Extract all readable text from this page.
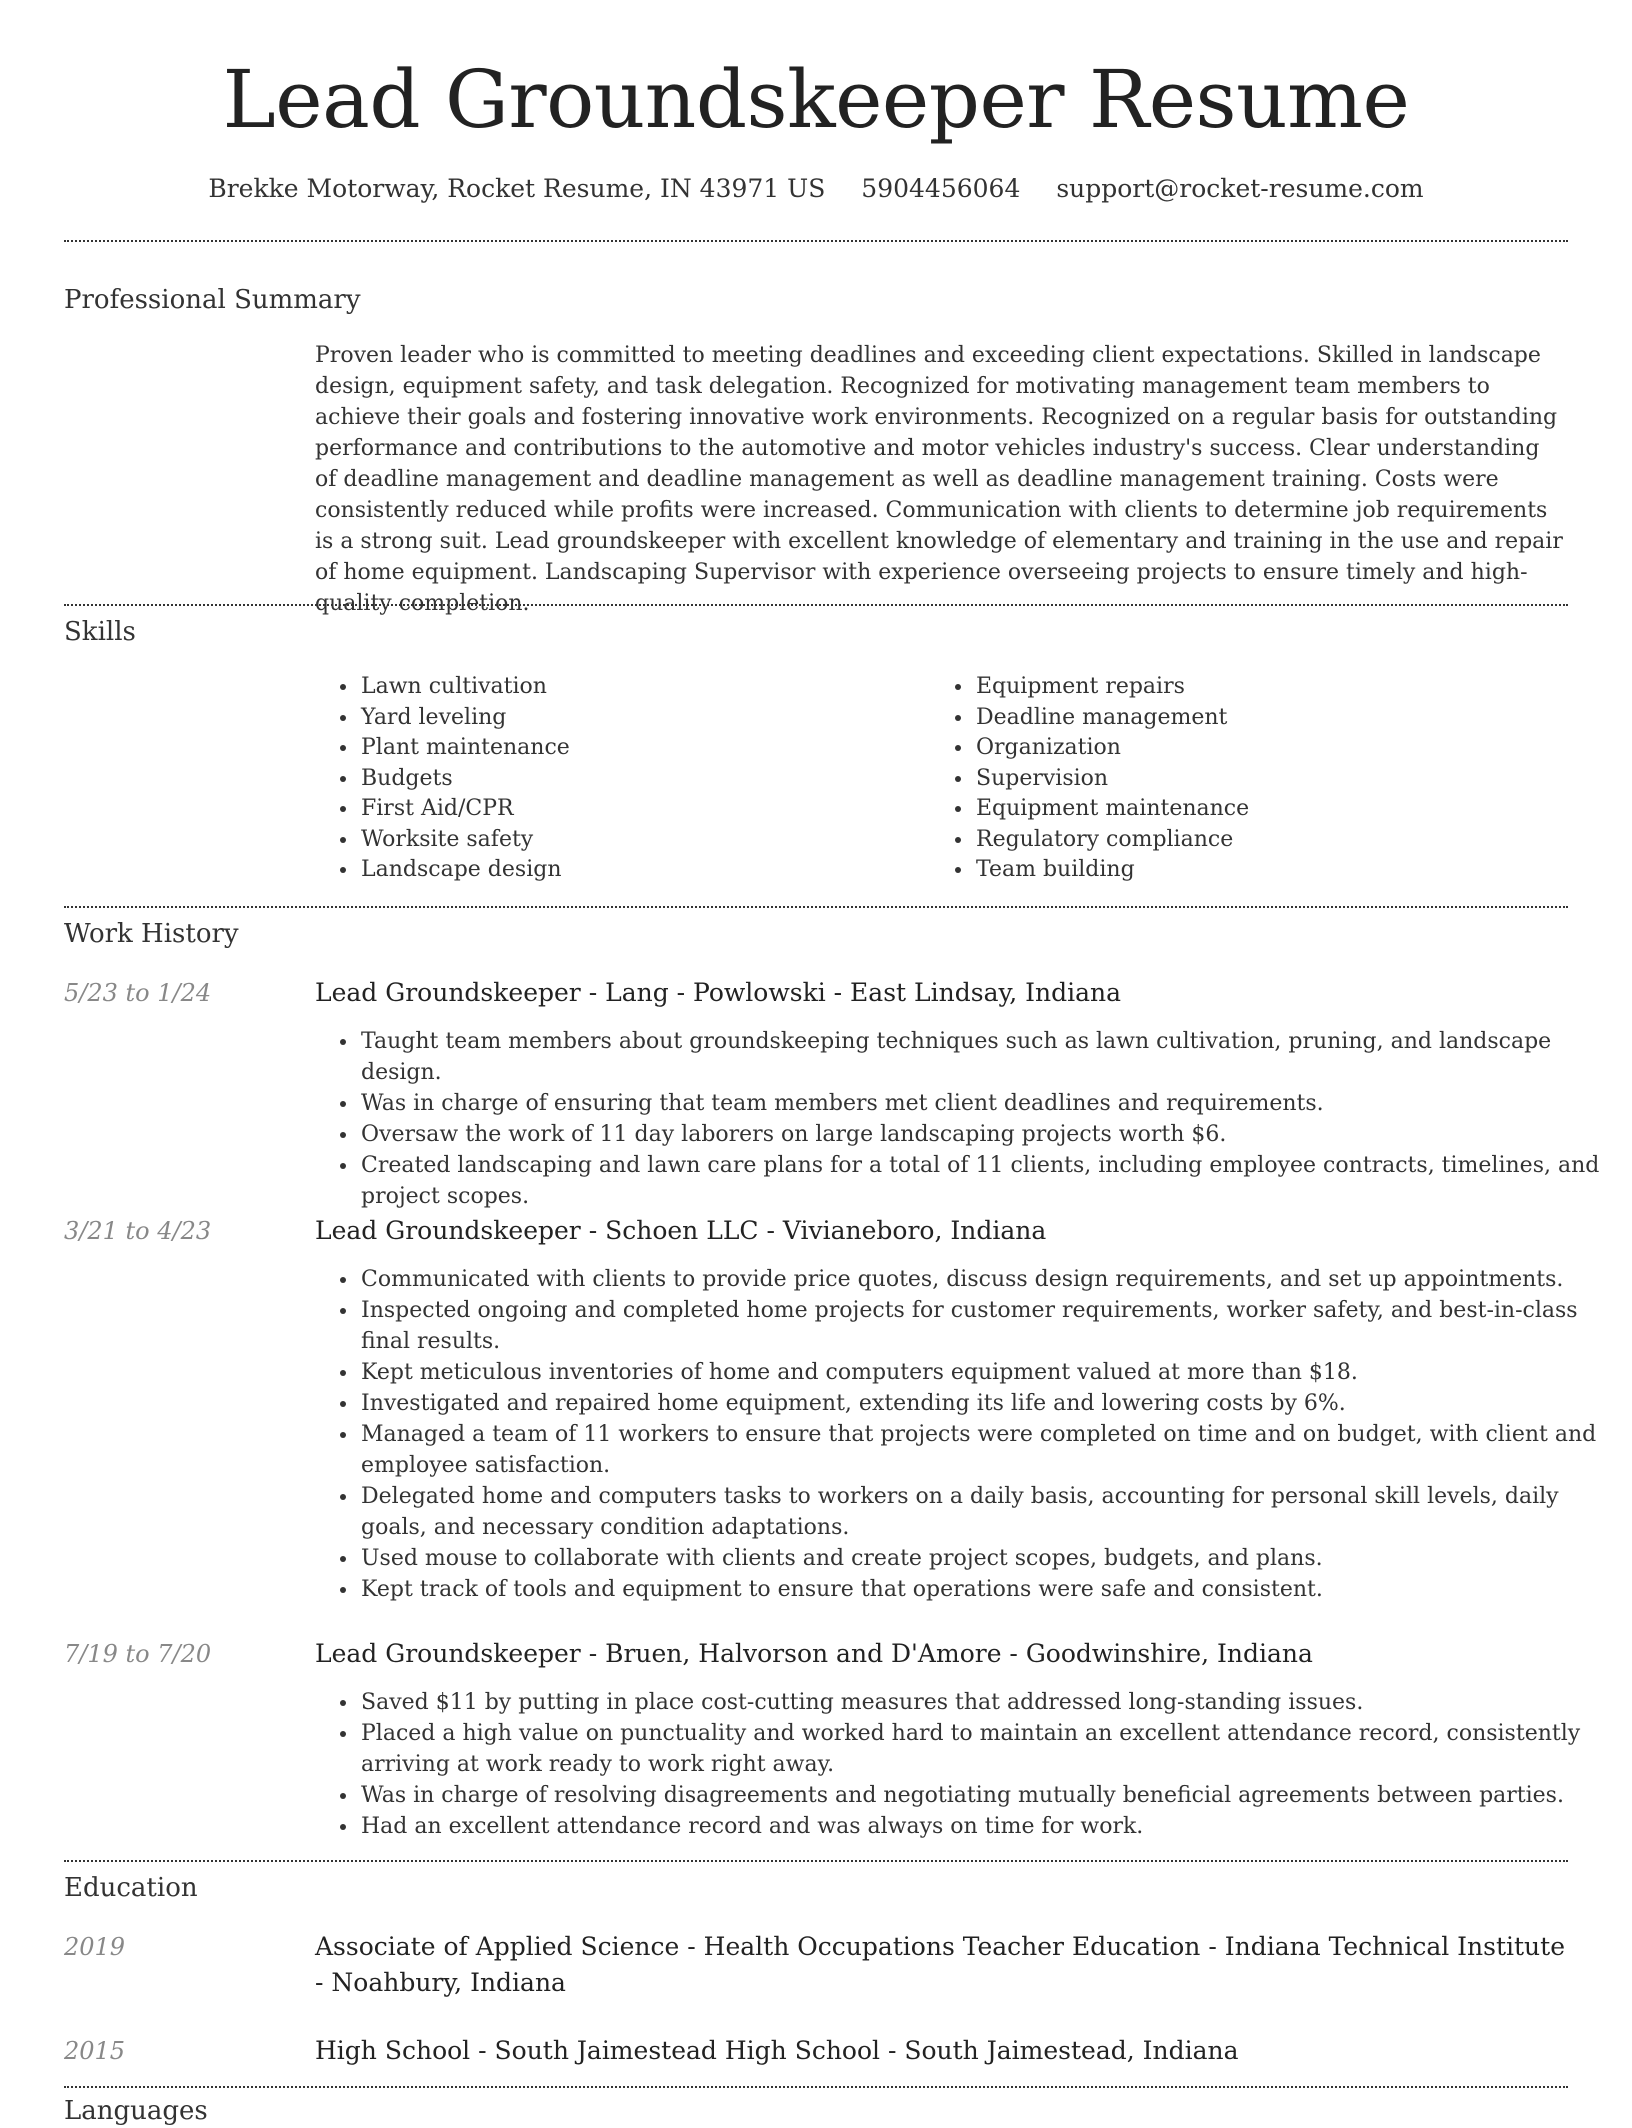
Lead Groundskeeper Resume
Brekke Motorway, Rocket Resume, IN 43971 US 5904456064 support@rocket-resume.com
Professional Summary
Proven leader who is committed to meeting deadlines and exceeding client expectations. Skilled in landscape design, equipment safety, and task delegation. Recognized for motivating management team members to achieve their goals and fostering innovative work environments. Recognized on a regular basis for outstanding performance and contributions to the automotive and motor vehicles industry's success. Clear understanding of deadline management and deadline management as well as deadline management training. Costs were consistently reduced while profits were increased. Communication with clients to determine job requirements is a strong suit. Lead groundskeeper with excellent knowledge of elementary and training in the use and repair of home equipment. Landscaping Supervisor with experience overseeing projects to ensure timely and high-quality completion.
Skills
• Lawn cultivation
• Yard leveling
• Plant maintenance
• Budgets
• First Aid/CPR
• Worksite safety
• Landscape design
• Equipment repairs
• Deadline management
• Organization
• Supervision
• Equipment maintenance
• Regulatory compliance
• Team building
Work History
5/23 to 1/24	Lead Groundskeeper - Lang - Powlowski - East Lindsay, Indiana
• Taught team members about groundskeeping techniques such as lawn cultivation, pruning, and landscape design.
• Was in charge of ensuring that team members met client deadlines and requirements.
• Oversaw the work of 11 day laborers on large landscaping projects worth $6.
• Created landscaping and lawn care plans for a total of 11 clients, including employee contracts, timelines, and project scopes.
3/21 to 4/23	Lead Groundskeeper - Schoen LLC - Vivianeboro, Indiana
• Communicated with clients to provide price quotes, discuss design requirements, and set up appointments.
• Inspected ongoing and completed home projects for customer requirements, worker safety, and best-in-class final results.
• Kept meticulous inventories of home and computers equipment valued at more than $18.
• Investigated and repaired home equipment, extending its life and lowering costs by 6%.
• Managed a team of 11 workers to ensure that projects were completed on time and on budget, with client and employee satisfaction.
• Delegated home and computers tasks to workers on a daily basis, accounting for personal skill levels, daily goals, and necessary condition adaptations.
• Used mouse to collaborate with clients and create project scopes, budgets, and plans.
• Kept track of tools and equipment to ensure that operations were safe and consistent.
7/19 to 7/20	Lead Groundskeeper - Bruen, Halvorson and D'Amore - Goodwinshire, Indiana
• Saved $11 by putting in place cost-cutting measures that addressed long-standing issues.
• Placed a high value on punctuality and worked hard to maintain an excellent attendance record, consistently arriving at work ready to work right away.
• Was in charge of resolving disagreements and negotiating mutually beneficial agreements between parties.
• Had an excellent attendance record and was always on time for work.
Education
2019	Associate of Applied Science - Health Occupations Teacher Education - Indiana Technical Institute - Noahbury, Indiana
2015	High School - South Jaimestead High School - South Jaimestead, Indiana
Languages
